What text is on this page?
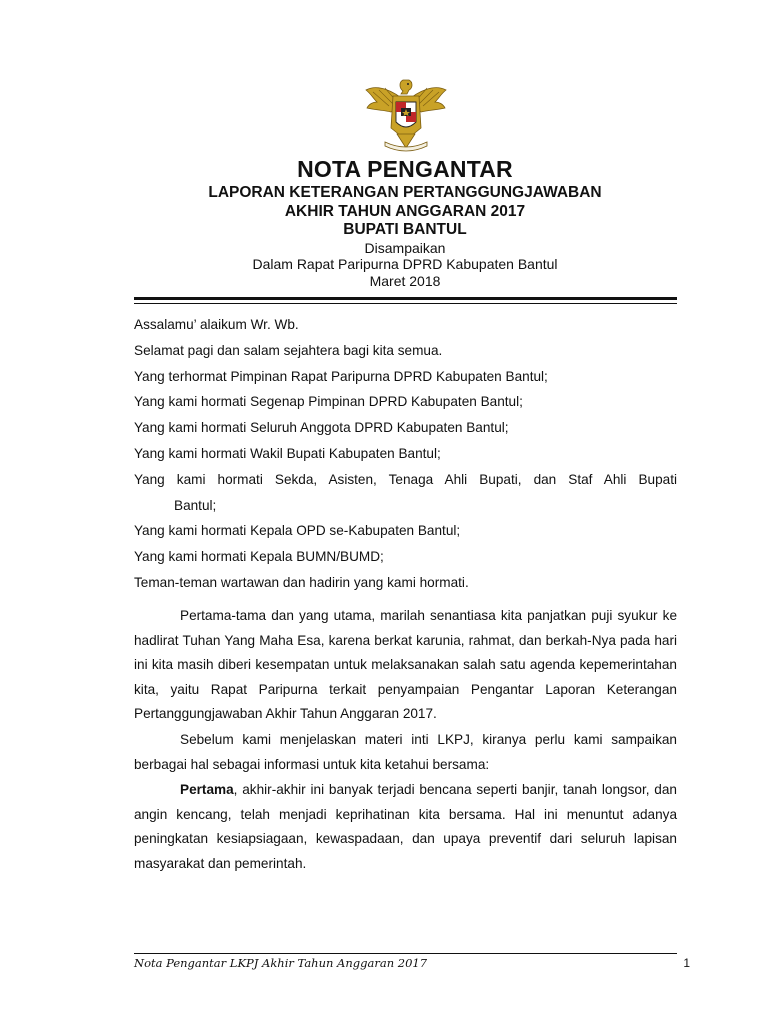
NOTA PENGANTAR
LAPORAN KETERANGAN PERTANGGUNGJAWABAN
AKHIR TAHUN ANGGARAN 2017
BUPATI BANTUL
Disampaikan
Dalam Rapat Paripurna DPRD Kabupaten Bantul
Maret 2018
Assalamu’ alaikum Wr. Wb.
Selamat pagi dan salam sejahtera bagi kita semua.
Yang terhormat Pimpinan Rapat Paripurna DPRD Kabupaten Bantul;
Yang kami hormati Segenap Pimpinan DPRD Kabupaten Bantul;
Yang kami hormati Seluruh Anggota DPRD Kabupaten Bantul;
Yang kami hormati Wakil Bupati Kabupaten Bantul;
Yang kami hormati Sekda, Asisten, Tenaga Ahli Bupati, dan Staf Ahli Bupati
Bantul;
Yang kami hormati Kepala OPD se-Kabupaten Bantul;
Yang kami hormati Kepala BUMN/BUMD;
Teman-teman wartawan dan hadirin yang kami hormati.

Pertama-tama dan yang utama, marilah senantiasa kita panjatkan puji syukur ke hadlirat Tuhan Yang Maha Esa, karena berkat karunia, rahmat, dan berkah-Nya pada hari ini kita masih diberi kesempatan untuk melaksanakan salah satu agenda kepemerintahan kita, yaitu Rapat Paripurna terkait penyampaian Pengantar Laporan Keterangan Pertanggungjawaban Akhir Tahun Anggaran 2017.

Sebelum kami menjelaskan materi inti LKPJ, kiranya perlu kami sampaikan berbagai hal sebagai informasi untuk kita ketahui bersama:

Pertama, akhir-akhir ini banyak terjadi bencana seperti banjir, tanah longsor, dan angin kencang, telah menjadi keprihatinan kita bersama. Hal ini menuntut adanya peningkatan kesiapsiagaan, kewaspadaan, dan upaya preventif dari seluruh lapisan masyarakat dan pemerintah.

Nota Pengantar LKPJ Akhir Tahun Anggaran 2017	1
